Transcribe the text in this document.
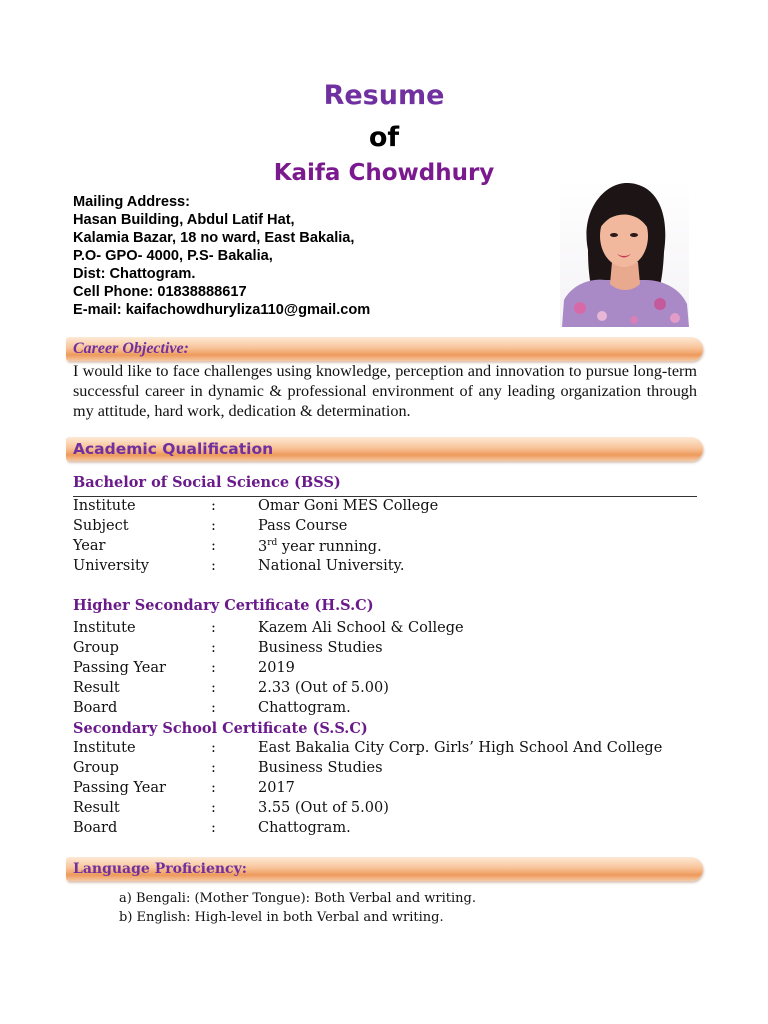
Resume
of
Kaifa Chowdhury
Mailing Address:
Hasan Building, Abdul Latif Hat,
Kalamia Bazar, 18 no ward, East Bakalia,
P.O- GPO- 4000, P.S- Bakalia,
Dist: Chattogram.
Cell Phone: 01838888617
E-mail: kaifachowdhuryliza110@gmail.com
Career Objective:
I would like to face challenges using knowledge, perception and innovation to pursue long-term successful career in dynamic & professional environment of any leading organization through my attitude, hard work, dedication & determination.
Academic Qualification
Bachelor of Social Science (BSS)
Institute	:	Omar Goni MES College
Subject	:	Pass Course
Year	:	3rd year running.
University	:	National University.
Higher Secondary Certificate (H.S.C)
Institute	:	Kazem Ali School & College
Group	:	Business Studies
Passing Year	:	2019
Result	:	2.33 (Out of 5.00)
Board	:	Chattogram.
Secondary School Certificate (S.S.C)
Institute	:	East Bakalia City Corp. Girls’ High School And College
Group	:	Business Studies
Passing Year	:	2017
Result	:	3.55 (Out of 5.00)
Board	:	Chattogram.
Language Proficiency:
a) Bengali: (Mother Tongue): Both Verbal and writing.
b) English: High-level in both Verbal and writing.
